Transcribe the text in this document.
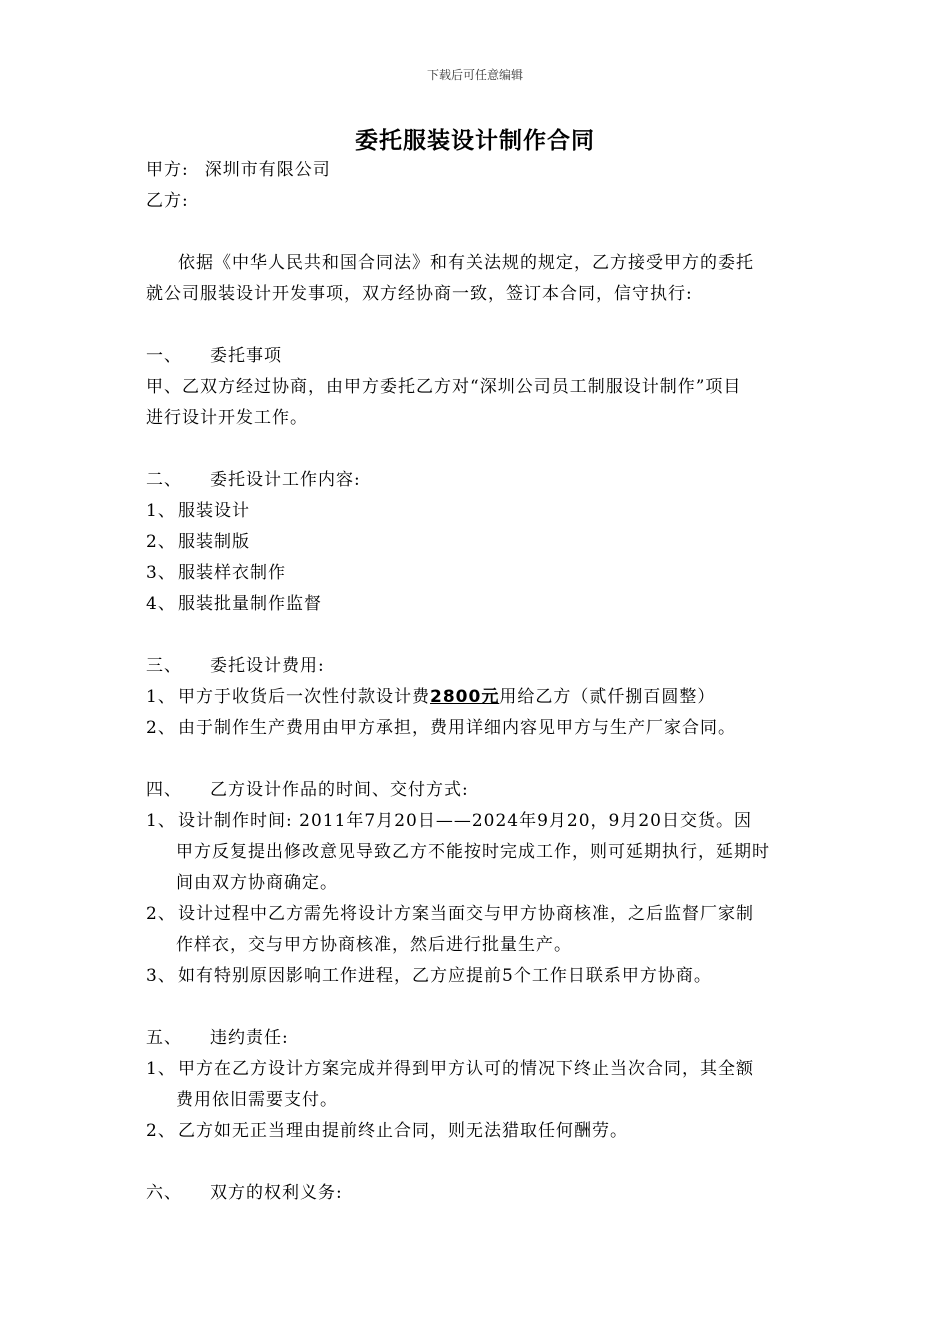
下载后可任意编辑
委托服装设计制作合同
甲方: 深圳市有限公司
乙方:
依据《中华人民共和国合同法》和有关法规的规定，乙方接受甲方的委托
就公司服装设计开发事项，双方经协商一致，签订本合同，信守执行:
一、 委托事项
甲、乙双方经过协商，由甲方委托乙方对“深圳公司员工制服设计制作”项目
进行设计开发工作。
二、 委托设计工作内容:
1、 服装设计
2、 服装制版
3、 服装样衣制作
4、 服装批量制作监督
三、 委托设计费用:
1、 甲方于收货后一次性付款设计费2800元用给乙方（贰仟捌百圆整）
2、 由于制作生产费用由甲方承担，费用详细内容见甲方与生产厂家合同。
四、 乙方设计作品的时间、交付方式:
1、 设计制作时间: 2011年7月20日——2024年9月20，9月20日交货。因
甲方反复提出修改意见导致乙方不能按时完成工作，则可延期执行，延期时
间由双方协商确定。
2、 设计过程中乙方需先将设计方案当面交与甲方协商核准，之后监督厂家制
作样衣，交与甲方协商核准，然后进行批量生产。
3、 如有特别原因影响工作进程，乙方应提前5个工作日联系甲方协商。
五、 违约责任:
1、 甲方在乙方设计方案完成并得到甲方认可的情况下终止当次合同，其全额
费用依旧需要支付。
2、 乙方如无正当理由提前终止合同，则无法猎取任何酬劳。
六、 双方的权利义务:
